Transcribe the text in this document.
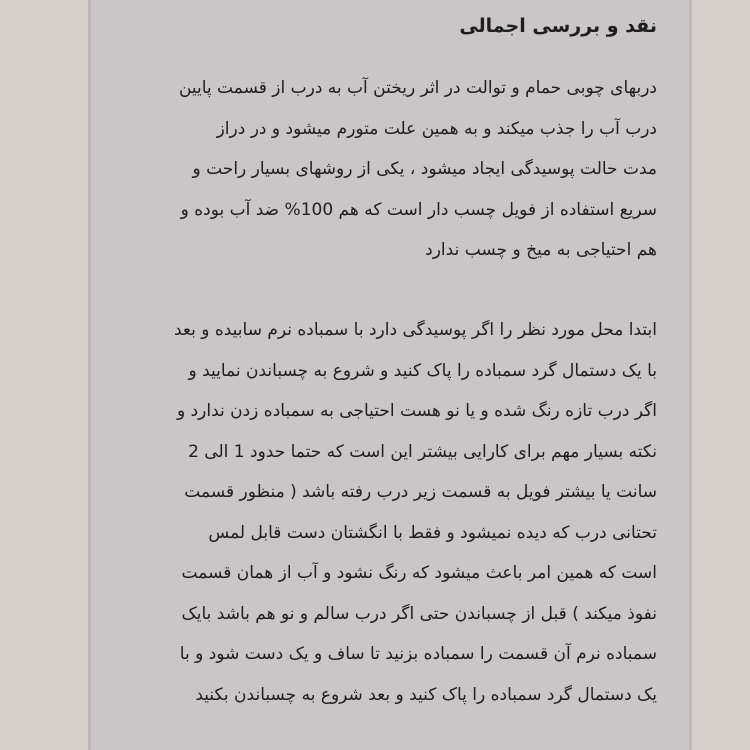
نقد و بررسی اجمالی
دربهای چوبی حمام و توالت در اثر ریختن آب به درب از قسمت پایین
درب آب را جذب میکند و به همین علت متورم میشود و در دراز
مدت حالت پوسیدگی ایجاد میشود ، یکی از روشهای بسیار راحت و
سریع استفاده از فویل چسب دار است که هم 100% ضد آب بوده و
هم احتیاجی به میخ و چسب ندارد
ابتدا محل مورد نظر را اگر پوسیدگی دارد با سمباده نرم سابیده و بعد
با یک دستمال گرد سمباده را پاک کنید و شروع به چسباندن نمایید و
اگر درب تازه رنگ شده و یا نو هست احتیاجی به سمباده زدن ندارد و
نکته بسیار مهم برای کارایی بیشتر این است که حتما حدود 1 الی 2
سانت یا بیشتر فویل به قسمت زیر درب رفته باشد ( منظور قسمت
تحتانی درب که دیده نمیشود و فقط با انگشتان دست قابل لمس
است که همین امر باعث میشود که رنگ نشود و آب از همان قسمت
نفوذ میکند ) قبل از چسباندن حتی اگر درب سالم و نو هم باشد بایک
سمباده نرم آن قسمت را سمباده بزنید تا ساف و یک دست شود و با
یک دستمال گرد سمباده را پاک کنید و بعد شروع به چسباندن بکنید
